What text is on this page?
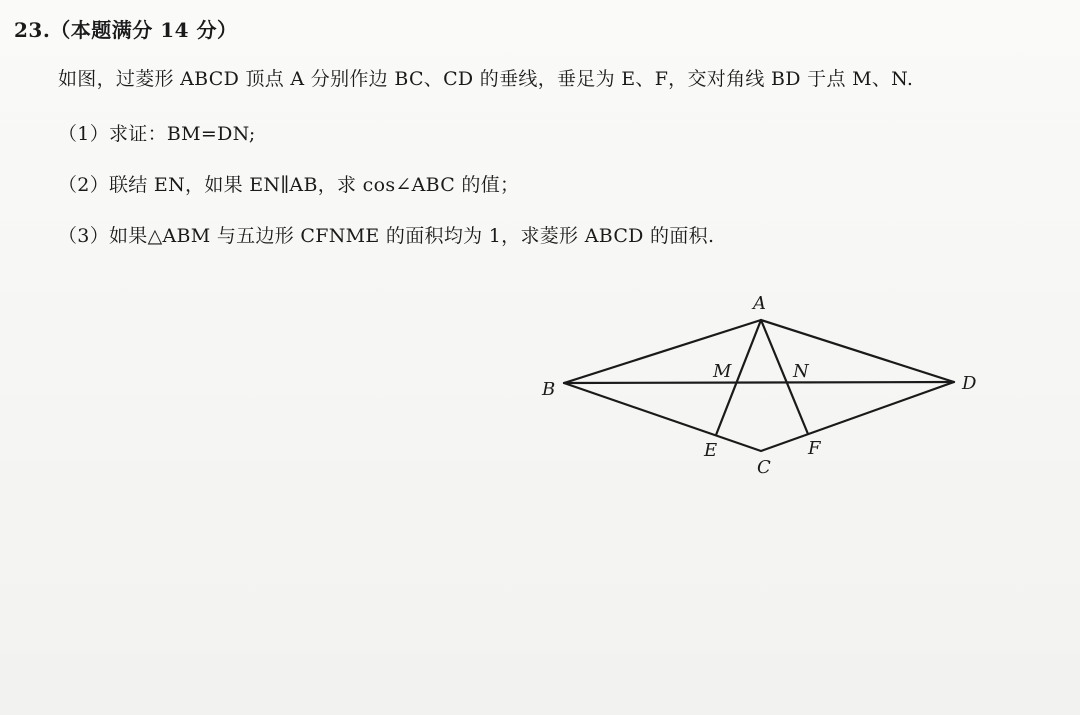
23.（本题满分 14 分）
如图，过菱形 ABCD 顶点 A 分别作边 BC、CD 的垂线，垂足为 E、F，交对角线 BD 于点 M、N.
（1）求证：BM=DN;
（2）联结 EN，如果 EN∥AB，求 cos∠ABC 的值；
（3）如果△ABM 与五边形 CFNME 的面积均为 1，求菱形 ABCD 的面积.
A
B
C
D
E	F
M	N
